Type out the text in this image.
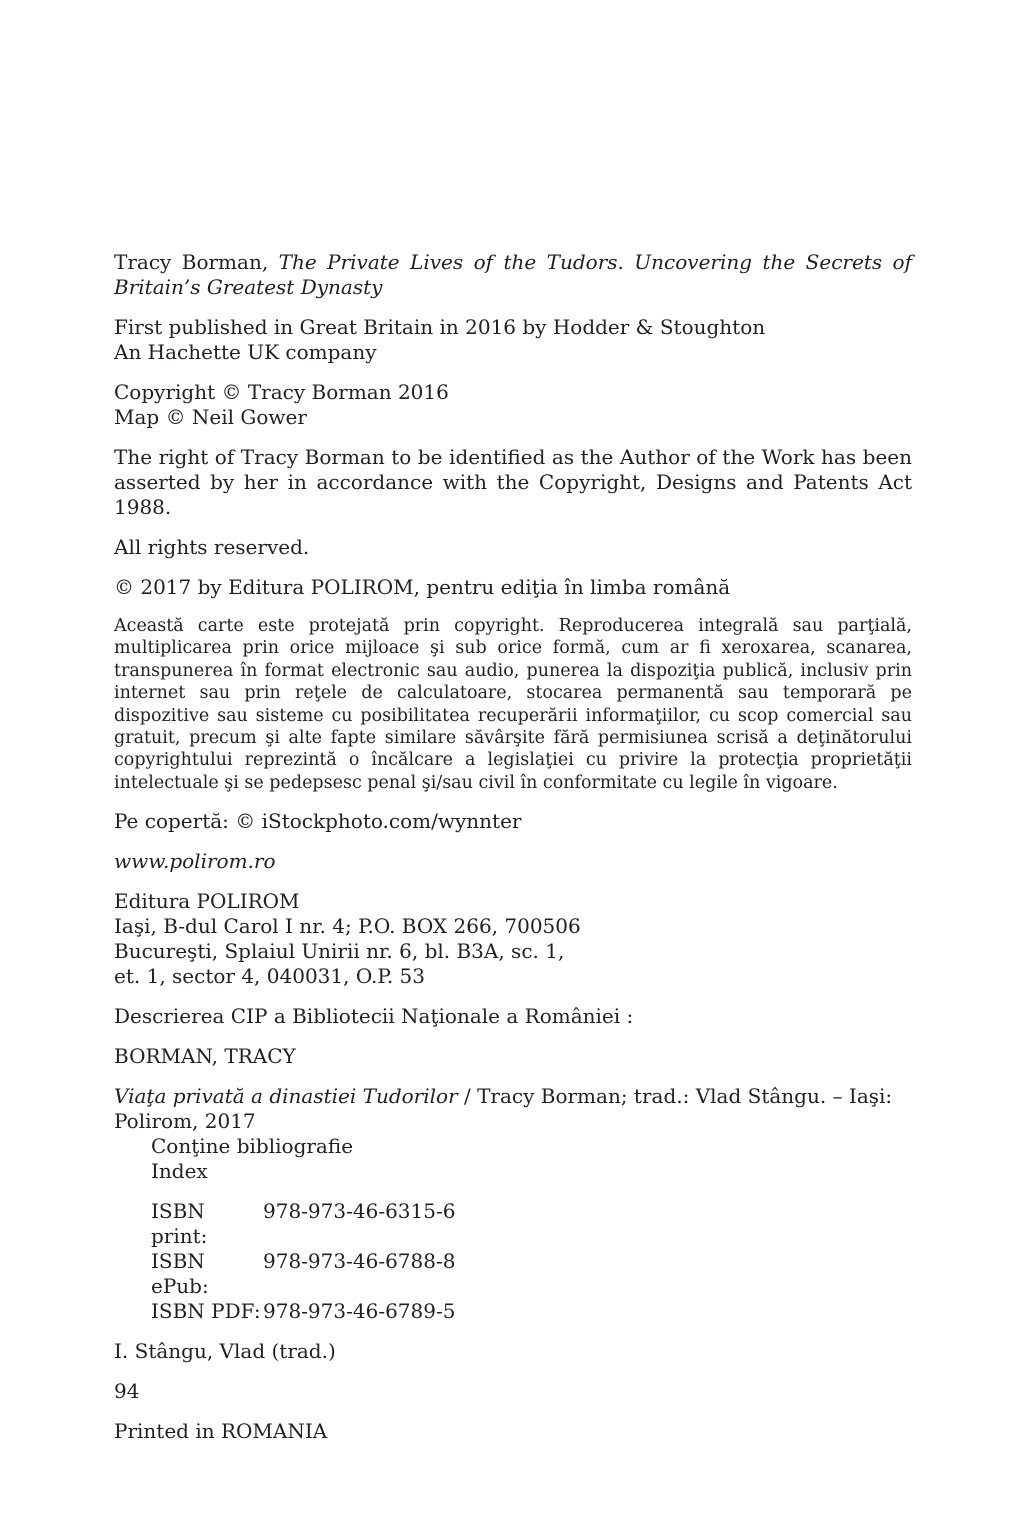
Tracy Borman, The Private Lives of the Tudors. Uncovering the Secrets of Britain’s Greatest Dynasty

First published in Great Britain in 2016 by Hodder & Stoughton
An Hachette UK company

Copyright © Tracy Borman 2016
Map © Neil Gower

The right of Tracy Borman to be identified as the Author of the Work has been asserted by her in accordance with the Copyright, Designs and Patents Act 1988.

All rights reserved.

© 2017 by Editura POLIROM, pentru ediţia în limba română

Această carte este protejată prin copyright. Reproducerea integrală sau parţială, multiplicarea prin orice mijloace şi sub orice formă, cum ar fi xeroxarea, scanarea, transpunerea în format electronic sau audio, punerea la dispoziţia publică, inclusiv prin internet sau prin reţele de calculatoare, stocarea permanentă sau temporară pe dispozitive sau sisteme cu posibilitatea recuperării informaţiilor, cu scop comercial sau gratuit, precum şi alte fapte similare săvârşite fără permisiunea scrisă a deţinătorului copyrightului reprezintă o încălcare a legislaţiei cu privire la protecţia proprietăţii intelectuale şi se pedepsesc penal şi/sau civil în conformitate cu legile în vigoare.

Pe copertă: © iStockphoto.com/wynnter

www.polirom.ro

Editura POLIROM
Iaşi, B-dul Carol I nr. 4; P.O. BOX 266, 700506
Bucureşti, Splaiul Unirii nr. 6, bl. B3A, sc. 1,
et. 1, sector 4, 040031, O.P. 53

Descrierea CIP a Bibliotecii Naţionale a României :

BORMAN, TRACY

Viaţa privată a dinastiei Tudorilor / Tracy Borman; trad.: Vlad Stângu. – Iaşi: Polirom, 2017

Conţine bibliografie
Index
ISBN print:
978-973-46-6315-6
ISBN ePub:
978-973-46-6788-8
ISBN PDF: 978-973-46-6789-5

I. Stângu, Vlad (trad.)

94

Printed in ROMANIA
